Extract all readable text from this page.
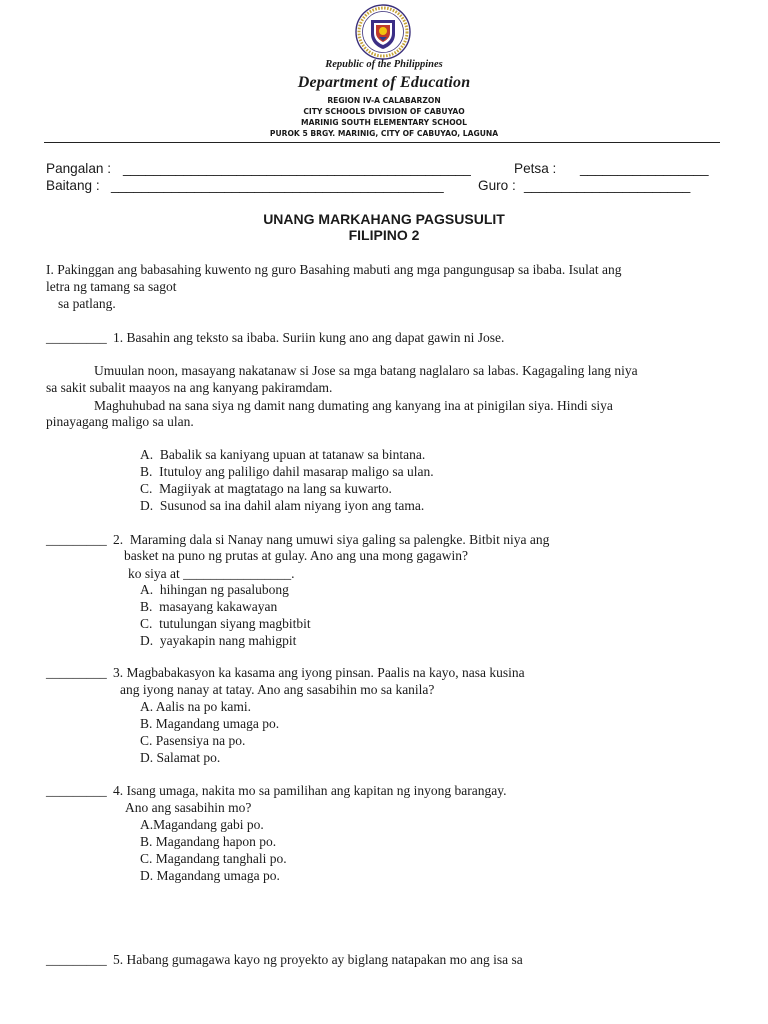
Republic of the Philippines
Department of Education
REGION IV-A CALABARZON
CITY SCHOOLS DIVISION OF CABUYAO
MARINIG SOUTH ELEMENTARY SCHOOL
PUROK 5 BRGY. MARINIG, CITY OF CABUYAO, LAGUNA
Pangalan : ______________________________________________	Petsa : _________________
Baitang : ____________________________________________	Guro : ______________________
UNANG MARKAHANG PAGSUSULIT
FILIPINO 2
I. Pakinggan ang babasahing kuwento ng guro Basahing mabuti ang mga pangungusap sa ibaba. Isulat ang
letra ng tamang sa sagot
sa patlang.
_________ 1. Basahin ang teksto sa ibaba. Suriin kung ano ang dapat gawin ni Jose.
Umuulan noon, masayang nakatanaw si Jose sa mga batang naglalaro sa labas. Kagagaling lang niya
sa sakit subalit maayos na ang kanyang pakiramdam.
Maghuhubad na sana siya ng damit nang dumating ang kanyang ina at pinigilan siya. Hindi siya
pinayagang maligo sa ulan.
A.  Babalik sa kaniyang upuan at tatanaw sa bintana.
B.  Itutuloy ang paliligo dahil masarap maligo sa ulan.
C.  Magiiyak at magtatago na lang sa kuwarto.
D.  Susunod sa ina dahil alam niyang iyon ang tama.
_________ 2.  Maraming dala si Nanay nang umuwi siya galing sa palengke. Bitbit niya ang
basket na puno ng prutas at gulay. Ano ang una mong gagawin?
ko siya at ________________.
A.  hihingan ng pasalubong
B.  masayang kakawayan
C.  tutulungan siyang magbitbit
D.  yayakapin nang mahigpit
_________ 3. Magbabakasyon ka kasama ang iyong pinsan. Paalis na kayo, nasa kusina
ang iyong nanay at tatay. Ano ang sasabihin mo sa kanila?
A. Aalis na po kami.
B. Magandang umaga po.
C. Pasensiya na po.
D. Salamat po.
_________ 4. Isang umaga, nakita mo sa pamilihan ang kapitan ng inyong barangay.
Ano ang sasabihin mo?
A.Magandang gabi po.
B. Magandang hapon po.
C. Magandang tanghali po.
D. Magandang umaga po.
_________ 5. Habang gumagawa kayo ng proyekto ay biglang natapakan mo ang isa sa
